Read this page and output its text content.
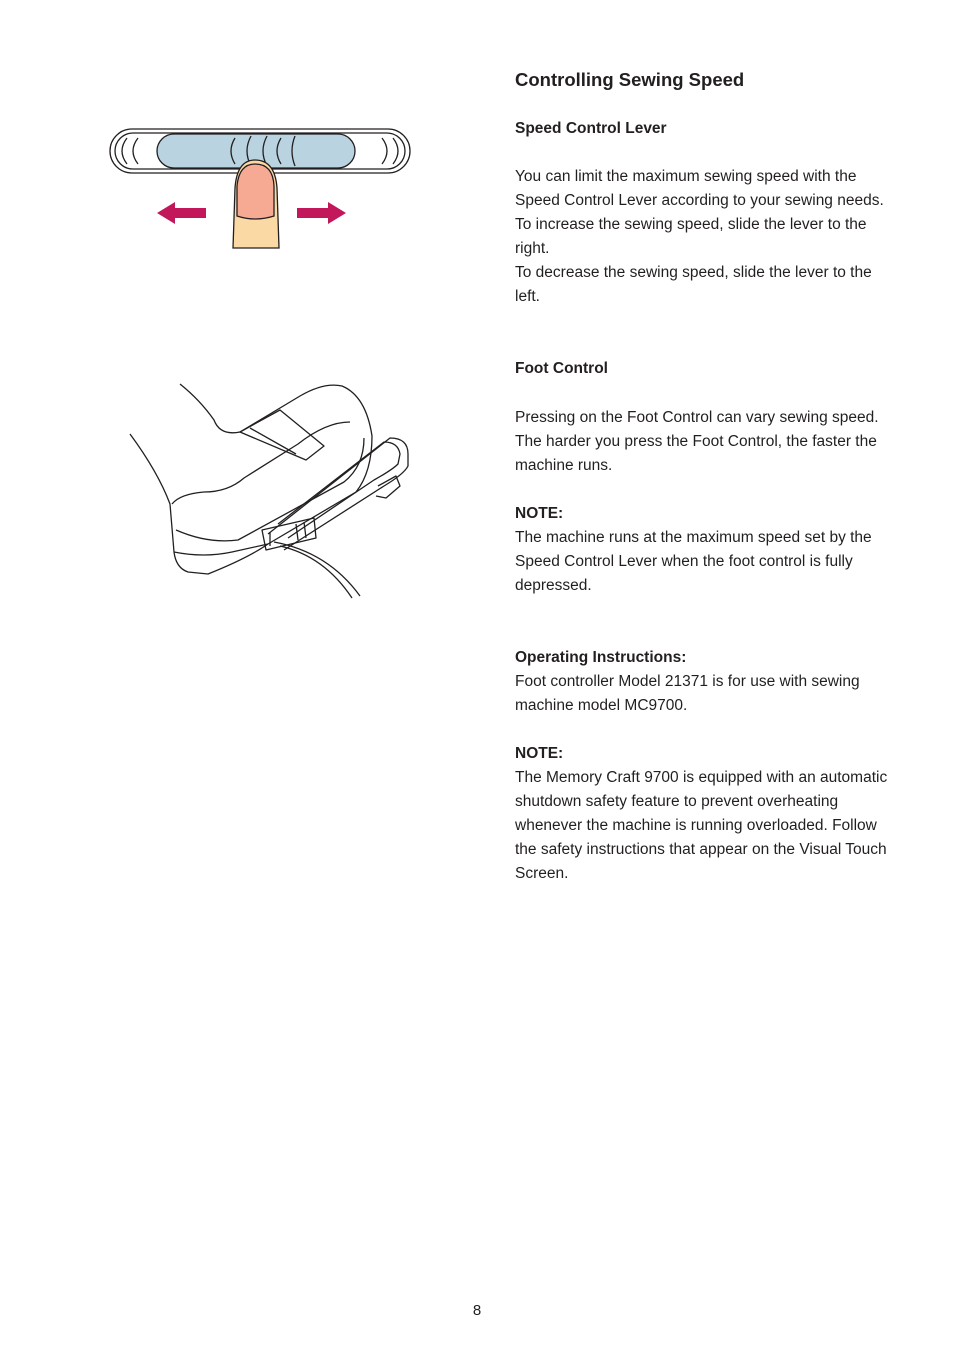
Controlling Sewing Speed
Speed Control Lever
You can limit the maximum sewing speed with the
Speed Control Lever according to your sewing needs.
To increase the sewing speed, slide the lever to the
right.
To decrease the sewing speed, slide the lever to the
left.
Foot Control
Pressing on the Foot Control can vary sewing speed.
The harder you press the Foot Control, the faster the
machine runs.
NOTE:
The machine runs at the maximum speed set by the
Speed Control Lever when the foot control is fully
depressed.
Operating Instructions:
Foot controller Model 21371 is for use with sewing
machine model MC9700.
NOTE:
The Memory Craft 9700 is equipped with an automatic
shutdown safety feature to prevent overheating
whenever the machine is running overloaded. Follow
the safety instructions that appear on the Visual Touch
Screen.
8
